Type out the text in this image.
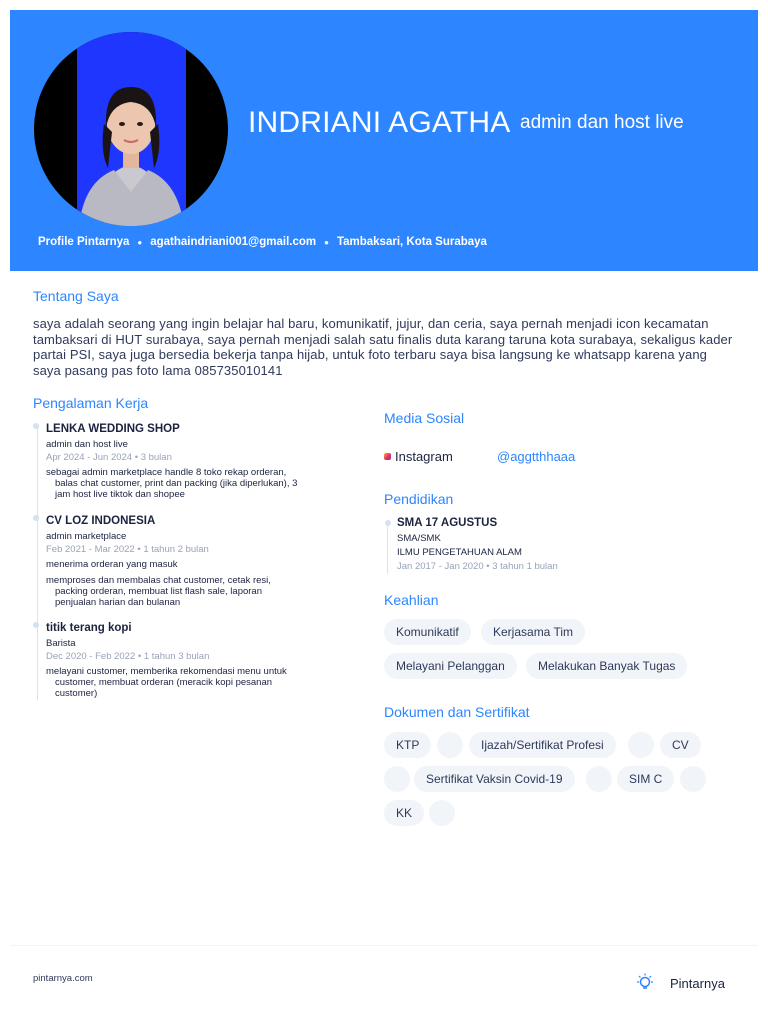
INDRIANI AGATHA admin dan host live
Profile Pintarnya ● agathaindriani001@gmail.com ● Tambaksari, Kota Surabaya
Tentang Saya
saya adalah seorang yang ingin belajar hal baru, komunikatif, jujur, dan ceria, saya pernah menjadi icon kecamatan tambaksari di HUT surabaya, saya pernah menjadi salah satu finalis duta karang taruna kota surabaya, sekaligus kader partai PSI, saya juga bersedia bekerja tanpa hijab, untuk foto terbaru saya bisa langsung ke whatsapp karena yang saya pasang pas foto lama 085735010141
Pengalaman Kerja
LENKA WEDDING SHOP
admin dan host live
Apr 2024 - Jun 2024 • 3 bulan
sebagai admin marketplace handle 8 toko rekap orderan,
balas chat customer, print dan packing (jika diperlukan), 3
jam host live tiktok dan shopee
CV LOZ INDONESIA
admin marketplace
Feb 2021 - Mar 2022 • 1 tahun 2 bulan
menerima orderan yang masuk
memproses dan membalas chat customer, cetak resi,
packing orderan, membuat list flash sale, laporan
penjualan harian dan bulanan
titik terang kopi
Barista
Dec 2020 - Feb 2022 • 1 tahun 3 bulan
melayani customer, memberika rekomendasi menu untuk
customer, membuat orderan (meracik kopi pesanan
customer)
Media Sosial
Instagram	@aggtthhaaa
Pendidikan
SMA 17 AGUSTUS
SMA/SMK
ILMU PENGETAHUAN ALAM
Jan 2017 - Jan 2020 • 3 tahun 1 bulan
Keahlian
Komunikatif	Kerjasama Tim
Melayani Pelanggan	Melakukan Banyak Tugas
Dokumen dan Sertifikat
KTP	Ijazah/Sertifikat Profesi	CV
Sertifikat Vaksin Covid-19	SIM C
KK
pintarnya.com	Pintarnya
